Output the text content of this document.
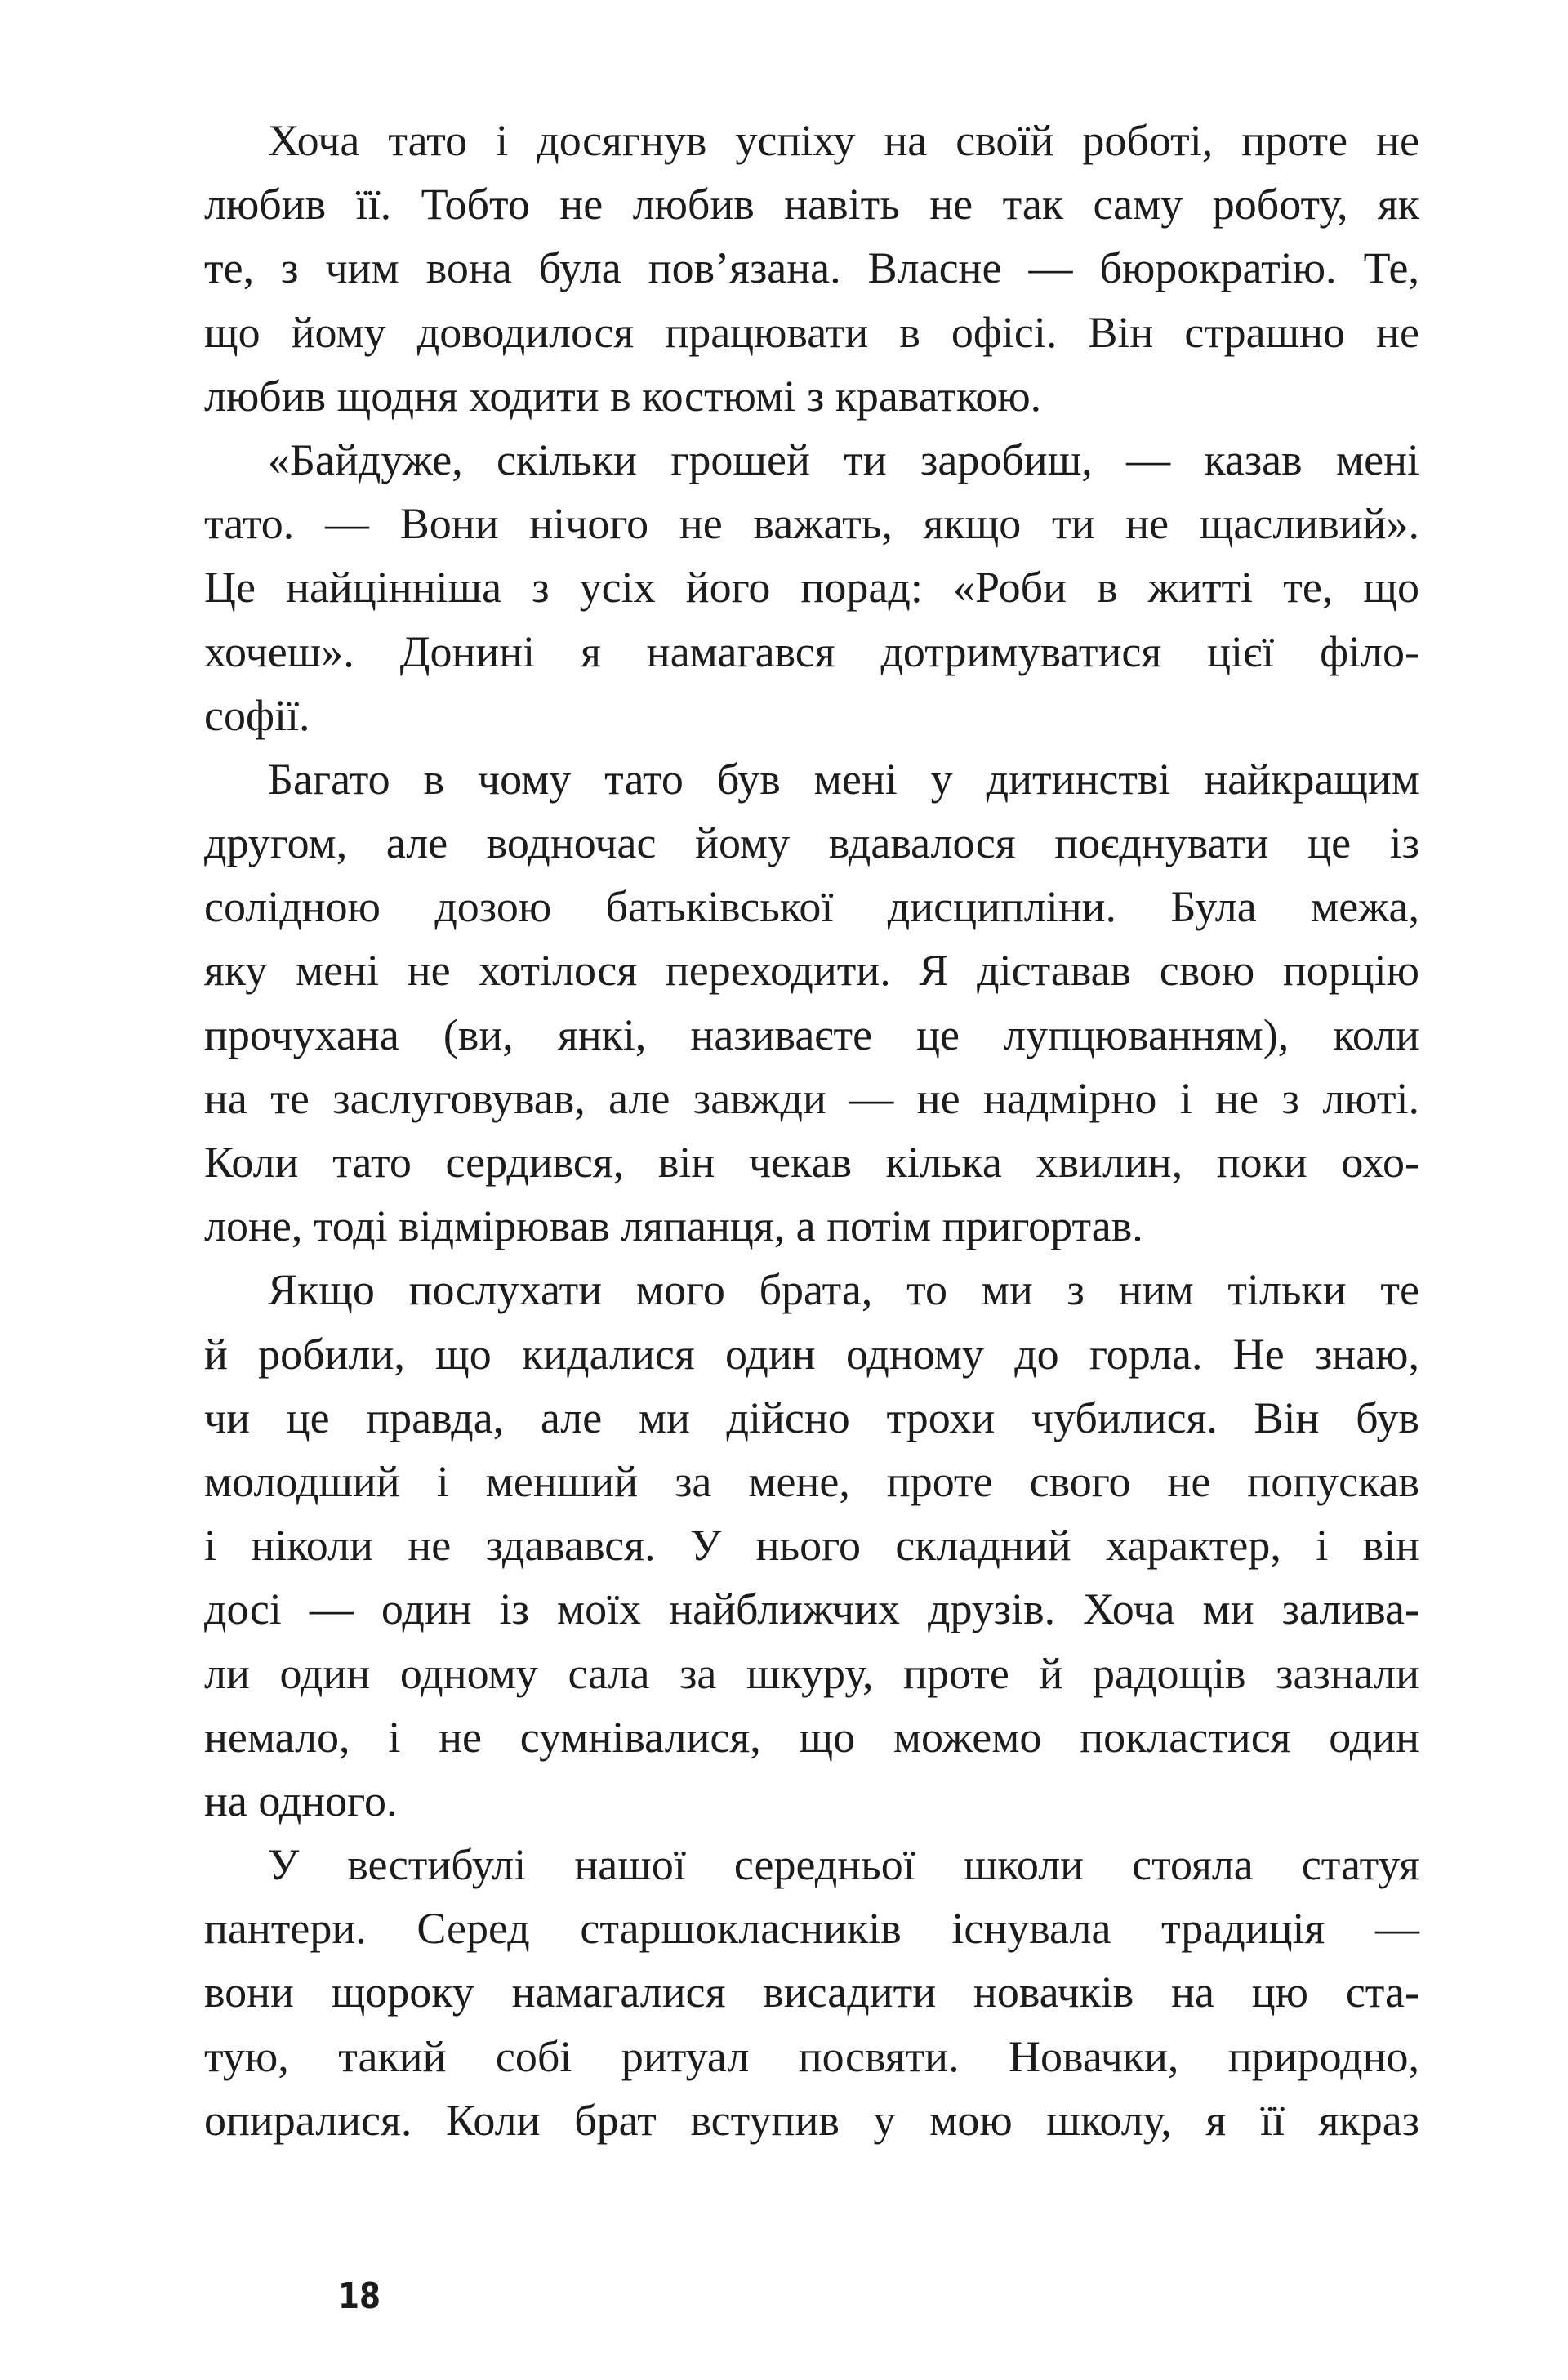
Хоча тато і досягнув успіху на своїй роботі, проте не
любив її. Тобто не любив навіть не так саму роботу, як
те, з чим вона була пов’язана. Власне — бюрократію. Те,
що йому доводилося працювати в офісі. Він страшно не
любив щодня ходити в костюмі з краваткою.
«Байдуже, скільки грошей ти заробиш, — казав мені
тато. — Вони нічого не важать, якщо ти не щасливий».
Це найцінніша з усіх його порад: «Роби в житті те, що
хочеш». Донині я намагався дотримуватися цієї філо-
софії.
Багато в чому тато був мені у дитинстві найкращим
другом, але водночас йому вдавалося поєднувати це із
солідною дозою батьківської дисципліни. Була межа,
яку мені не хотілося переходити. Я діставав свою порцію
прочухана (ви, янкі, називаєте це лупцюванням), коли
на те заслуговував, але завжди — не надмірно і не з люті.
Коли тато сердився, він чекав кілька хвилин, поки охо-
лоне, тоді відмірював ляпанця, а потім пригортав.
Якщо послухати мого брата, то ми з ним тільки те
й робили, що кидалися один одному до горла. Не знаю,
чи це правда, але ми дійсно трохи чубилися. Він був
молодший і менший за мене, проте свого не попускав
і ніколи не здавався. У нього складний характер, і він
досі — один із моїх найближчих друзів. Хоча ми залива-
ли один одному сала за шкуру, проте й радощів зазнали
немало, і не сумнівалися, що можемо покластися один
на одного.
У вестибулі нашої середньої школи стояла статуя
пантери. Серед старшокласників існувала традиція —
вони щороку намагалися висадити новачків на цю ста-
тую, такий собі ритуал посвяти. Новачки, природно,
опиралися. Коли брат вступив у мою школу, я її якраз
18
